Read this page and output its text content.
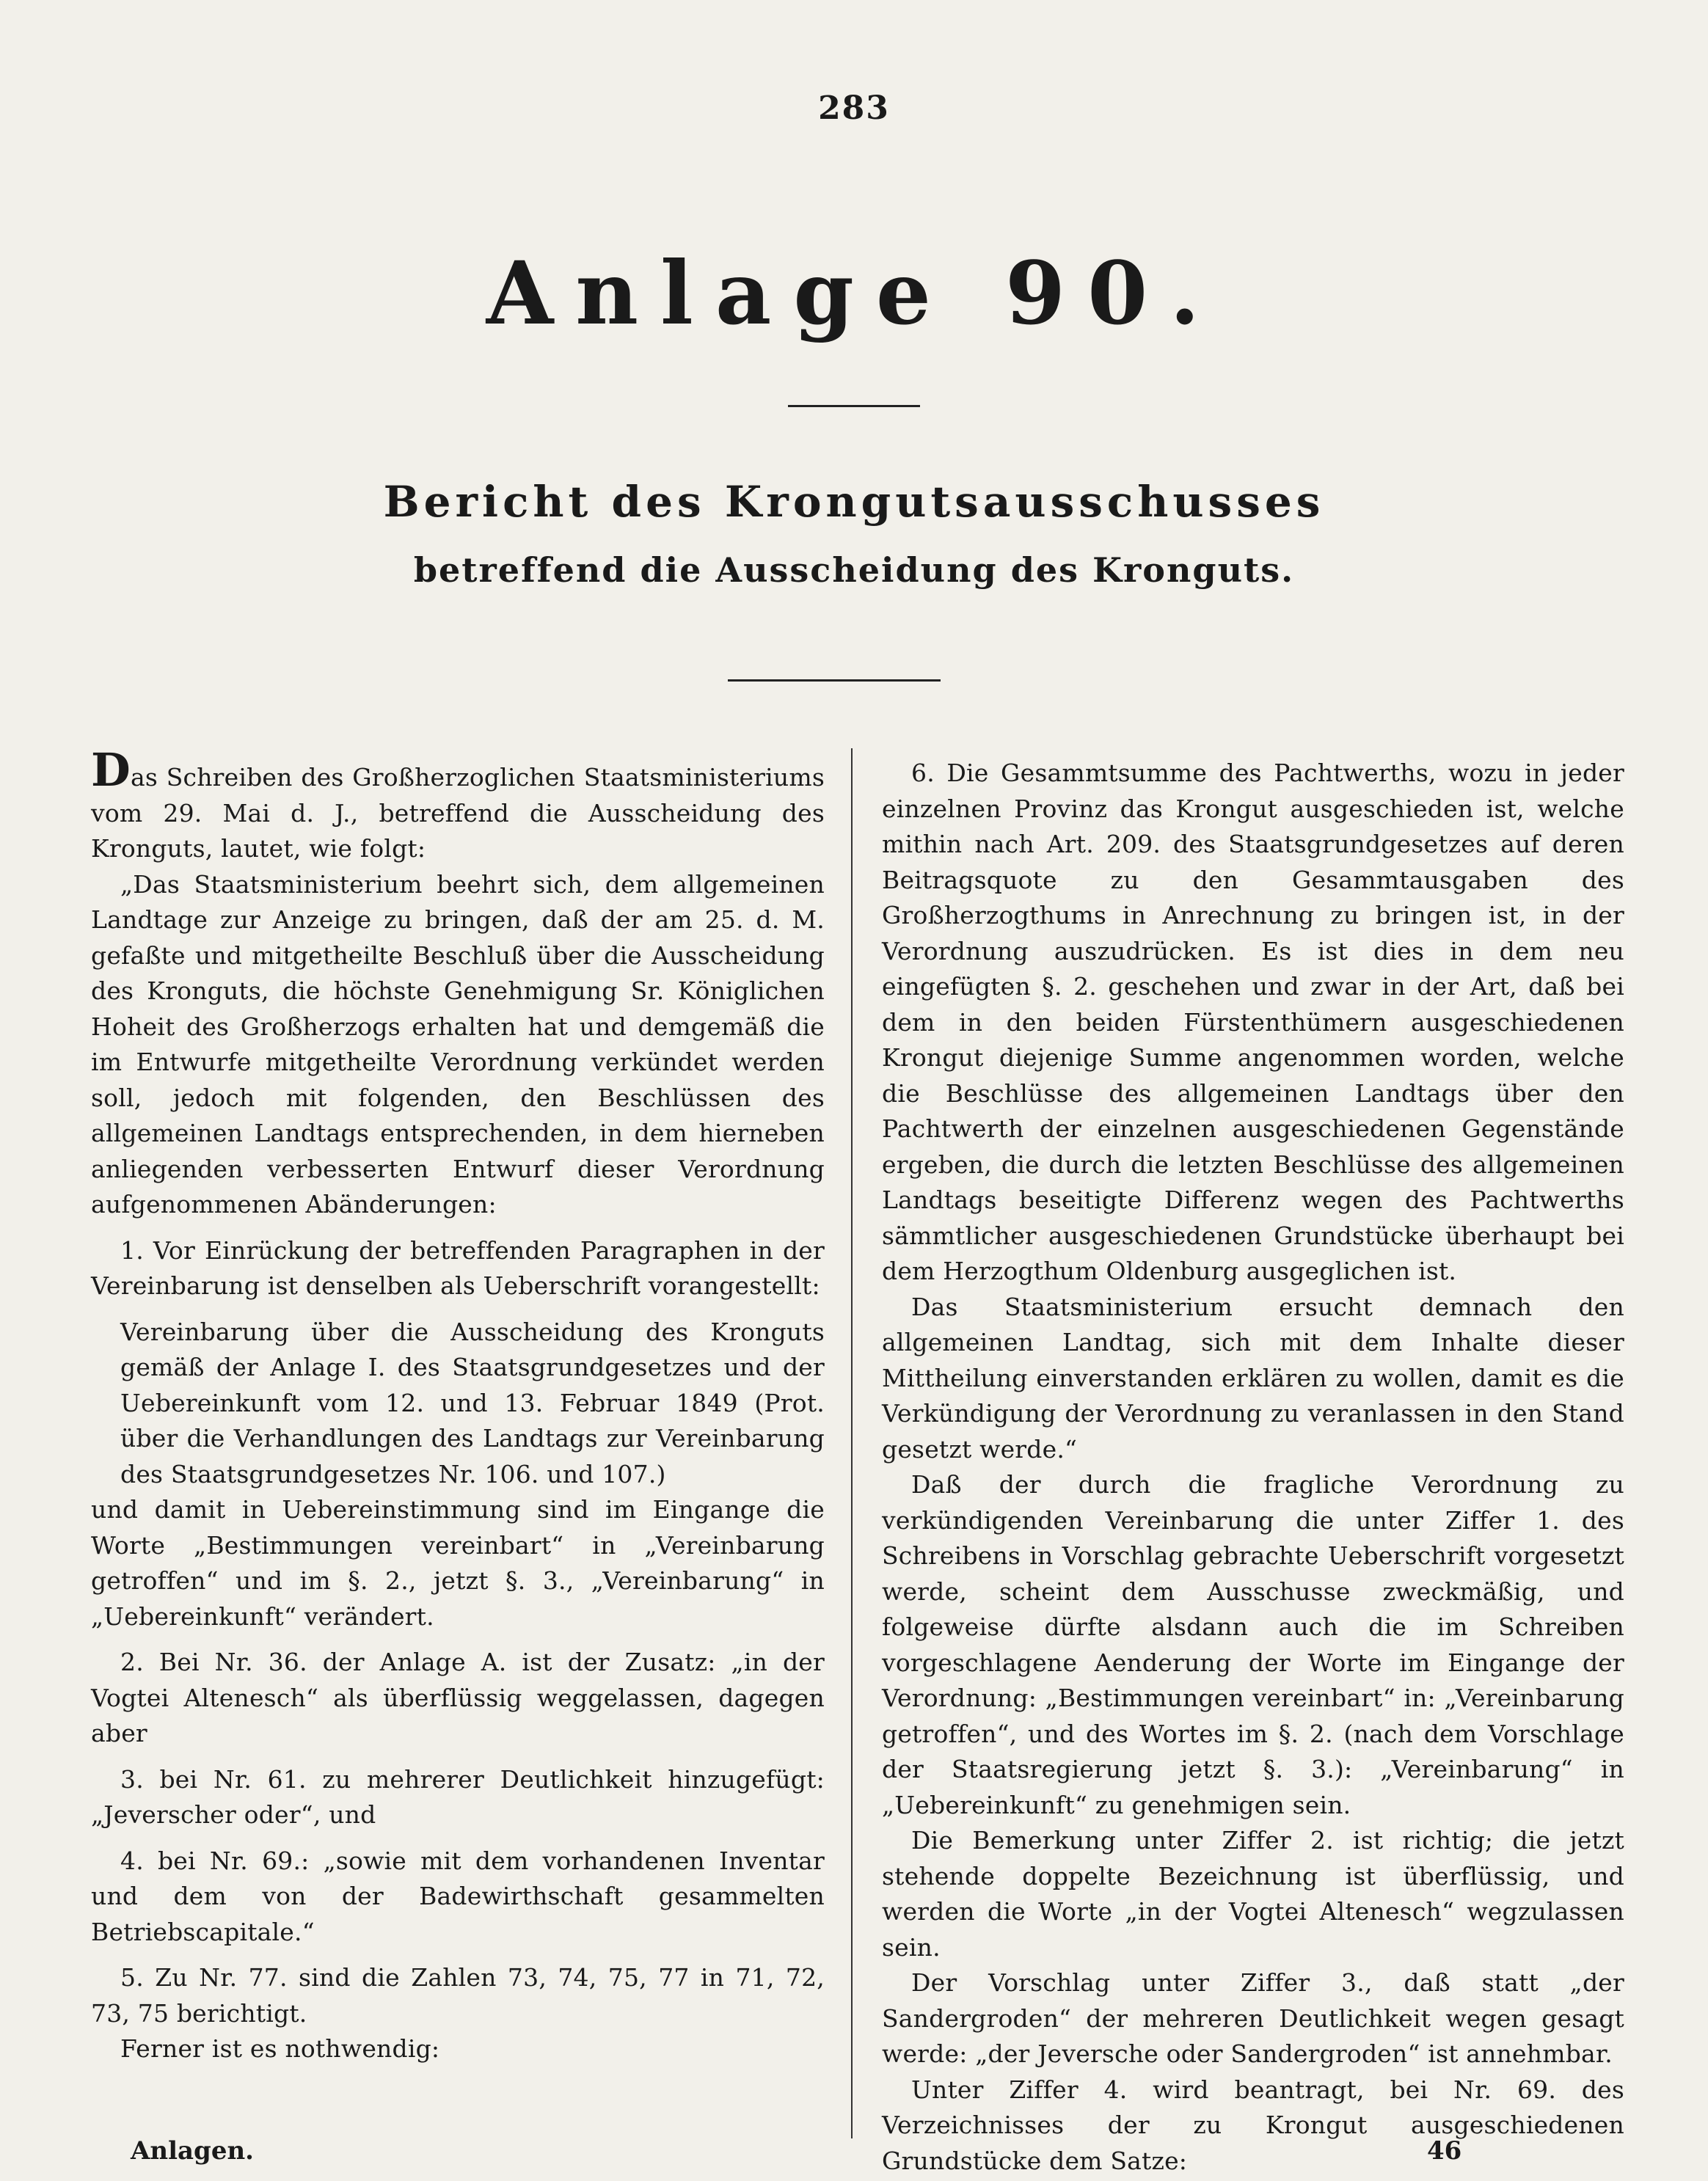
283
Anlage 90.
Bericht des Krongutsausschusses
betreffend die Ausscheidung des Kronguts.

Das Schreiben des Großherzoglichen Staatsministeriums vom 29. Mai d. J., betreffend die Ausscheidung des Kronguts, lautet, wie folgt:

„Das Staatsministerium beehrt sich, dem allgemeinen Landtage zur Anzeige zu bringen, daß der am 25. d. M. gefaßte und mitgetheilte Beschluß über die Ausscheidung des Kronguts, die höchste Genehmigung Sr. Königlichen Hoheit des Großherzogs erhalten hat und demgemäß die im Entwurfe mitgetheilte Verordnung verkündet werden soll, jedoch mit folgenden, den Beschlüssen des allgemeinen Landtags entsprechenden, in dem hierneben anliegenden verbesserten Entwurf dieser Verordnung aufgenommenen Abänderungen:

1. Vor Einrückung der betreffenden Paragraphen in der Vereinbarung ist denselben als Ueberschrift vorangestellt:

Vereinbarung über die Ausscheidung des Kronguts gemäß der Anlage I. des Staatsgrundgesetzes und der Uebereinkunft vom 12. und 13. Februar 1849 (Prot. über die Verhandlungen des Landtags zur Vereinbarung des Staatsgrundgesetzes Nr. 106. und 107.)

und damit in Uebereinstimmung sind im Eingange die Worte „Bestimmungen vereinbart“ in „Vereinbarung getroffen“ und im §. 2., jetzt §. 3., „Vereinbarung“ in „Uebereinkunft“ verändert.

2. Bei Nr. 36. der Anlage A. ist der Zusatz: „in der Vogtei Altenesch“ als überflüssig weggelassen, dagegen aber

3. bei Nr. 61. zu mehrerer Deutlichkeit hinzugefügt: „Jeverscher oder“, und

4. bei Nr. 69.: „sowie mit dem vorhandenen Inventar und dem von der Badewirthschaft gesammelten Betriebscapitale.“

5. Zu Nr. 77. sind die Zahlen 73, 74, 75, 77 in 71, 72, 73, 75 berichtigt.

Ferner ist es nothwendig:

6. Die Gesammtsumme des Pachtwerths, wozu in jeder einzelnen Provinz das Krongut ausgeschieden ist, welche mithin nach Art. 209. des Staatsgrundgesetzes auf deren Beitragsquote zu den Gesammtausgaben des Großherzogthums in Anrechnung zu bringen ist, in der Verordnung auszudrücken. Es ist dies in dem neu eingefügten §. 2. geschehen und zwar in der Art, daß bei dem in den beiden Fürstenthümern ausgeschiedenen Krongut diejenige Summe angenommen worden, welche die Beschlüsse des allgemeinen Landtags über den Pachtwerth der einzelnen ausgeschiedenen Gegenstände ergeben, die durch die letzten Beschlüsse des allgemeinen Landtags beseitigte Differenz wegen des Pachtwerths sämmtlicher ausgeschiedenen Grundstücke überhaupt bei dem Herzogthum Oldenburg ausgeglichen ist.

Das Staatsministerium ersucht demnach den allgemeinen Landtag, sich mit dem Inhalte dieser Mittheilung einverstanden erklären zu wollen, damit es die Verkündigung der Verordnung zu veranlassen in den Stand gesetzt werde.“

Daß der durch die fragliche Verordnung zu verkündigenden Vereinbarung die unter Ziffer 1. des Schreibens in Vorschlag gebrachte Ueberschrift vorgesetzt werde, scheint dem Ausschusse zweckmäßig, und folgeweise dürfte alsdann auch die im Schreiben vorgeschlagene Aenderung der Worte im Eingange der Verordnung: „Bestimmungen vereinbart“ in: „Vereinbarung getroffen“, und des Wortes im §. 2. (nach dem Vorschlage der Staatsregierung jetzt §. 3.): „Vereinbarung“ in „Uebereinkunft“ zu genehmigen sein.

Die Bemerkung unter Ziffer 2. ist richtig; die jetzt stehende doppelte Bezeichnung ist überflüssig, und werden die Worte „in der Vogtei Altenesch“ wegzulassen sein.

Der Vorschlag unter Ziffer 3., daß statt „der Sandergroden“ der mehreren Deutlichkeit wegen gesagt werde: „der Jeversche oder Sandergroden“ ist annehmbar.

Unter Ziffer 4. wird beantragt, bei Nr. 69. des Verzeichnisses der zu Krongut ausgeschiedenen Grundstücke dem Satze:

Anlagen.	46
